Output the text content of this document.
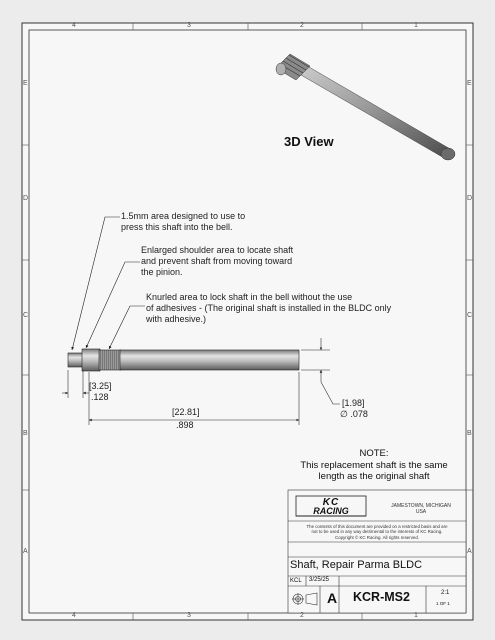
KC
RACING
4	3	2	1
4	3	2	1
E
D
C
B
A
E
D
C
B
A
3D View
1.5mm area designed to use to
press this shaft into the bell.
Enlarged shoulder area to locate shaft
and prevent shaft from moving toward
the pinion.
Knurled area to lock shaft in the bell without the use
of adhesives - (The original shaft is installed in the BLDC only
with adhesive.)
[3.25]
.128
[22.81]
.898
[1.98]
∅ .078
NOTE:
This replacement shaft is the same
length as the original shaft
JAMESTOWN, MICHIGAN
USA
The contents of this document are provided on a restricted basis and are
not to be used in any way detrimental to the interests of KC Racing.
Copyright © KC Racing. All rights reserved.
Shaft, Repair Parma BLDC
KCL 3/25/25
A KCR-MS2	2:1
1 OF 1
